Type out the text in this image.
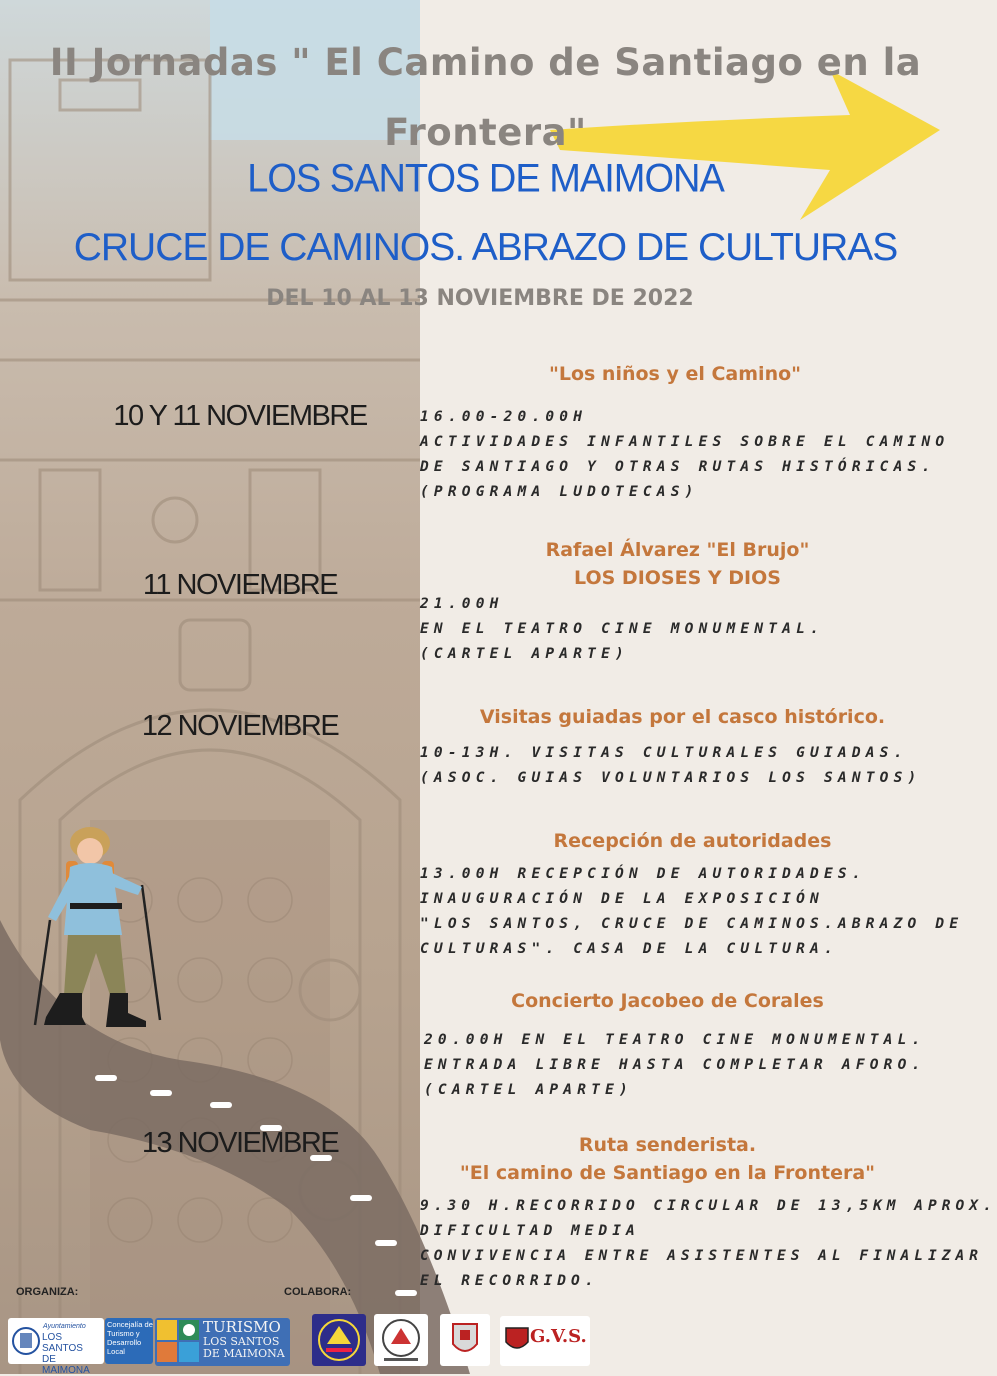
II Jornadas " El Camino de Santiago en la
Frontera"
LOS SANTOS DE MAIMONA
CRUCE DE CAMINOS. ABRAZO DE CULTURAS
DEL 10 AL 13 NOVIEMBRE DE 2022
10 Y 11 NOVIEMBRE
11 NOVIEMBRE
12 NOVIEMBRE
13 NOVIEMBRE
"Los niños y el Camino"
16.00-20.00H
ACTIVIDADES INFANTILES SOBRE EL CAMINO
DE SANTIAGO Y OTRAS RUTAS HISTÓRICAS.
(PROGRAMA LUDOTECAS)
Rafael Álvarez "El Brujo"
LOS DIOSES Y DIOS
21.00H
EN EL TEATRO CINE MONUMENTAL.
(CARTEL APARTE)
Visitas guiadas por el casco histórico.
10-13H. VISITAS CULTURALES GUIADAS.
(ASOC. GUIAS VOLUNTARIOS LOS SANTOS)
Recepción de autoridades
13.00H RECEPCIÓN DE AUTORIDADES.
INAUGURACIÓN DE LA EXPOSICIÓN
"LOS SANTOS, CRUCE DE CAMINOS.ABRAZO DE
CULTURAS". CASA DE LA CULTURA.
Concierto Jacobeo de Corales
20.00H EN EL TEATRO CINE MONUMENTAL.
ENTRADA LIBRE HASTA COMPLETAR AFORO.
(CARTEL APARTE)
Ruta senderista.
"El camino de Santiago en la Frontera"
9.30 H.RECORRIDO CIRCULAR DE 13,5KM APROX.
DIFICULTAD MEDIA
CONVIVENCIA ENTRE ASISTENTES AL FINALIZAR
EL RECORRIDO.
ORGANIZA:	COLABORA:
Ayuntamiento
LOS SANTOS
DE MAIMONA
Concejalía de
Turismo y
Desarrollo
Local
TURISMO
LOS SANTOS
DE MAIMONA
G.V.S.
